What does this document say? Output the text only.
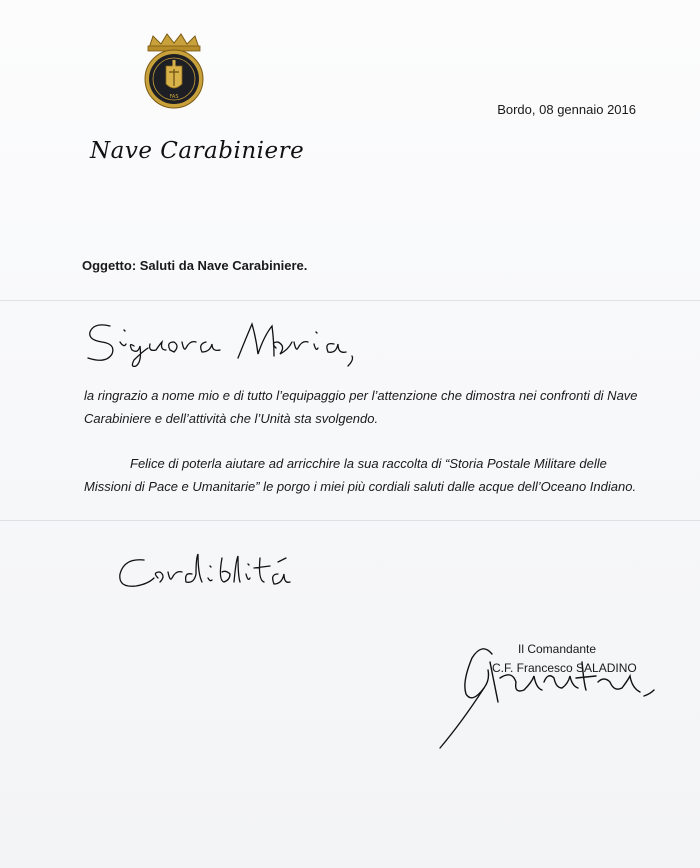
FAS
Bordo, 08 gennaio 2016
Nave Carabiniere
Oggetto: Saluti da Nave Carabiniere.
Signora Maria,
la ringrazio a nome mio e di tutto l’equipaggio per l’attenzione che dimostra nei confronti di Nave Carabiniere e dell’attività che l’Unità sta svolgendo.
Felice di poterla aiutare ad arricchire la sua raccolta di “Storia Postale Militare delle Missioni di Pace e Umanitarie” le porgo i miei più cordiali saluti dalle acque dell’Oceano Indiano.
Cordialità
Il Comandante
C.F. Francesco SALADINO
